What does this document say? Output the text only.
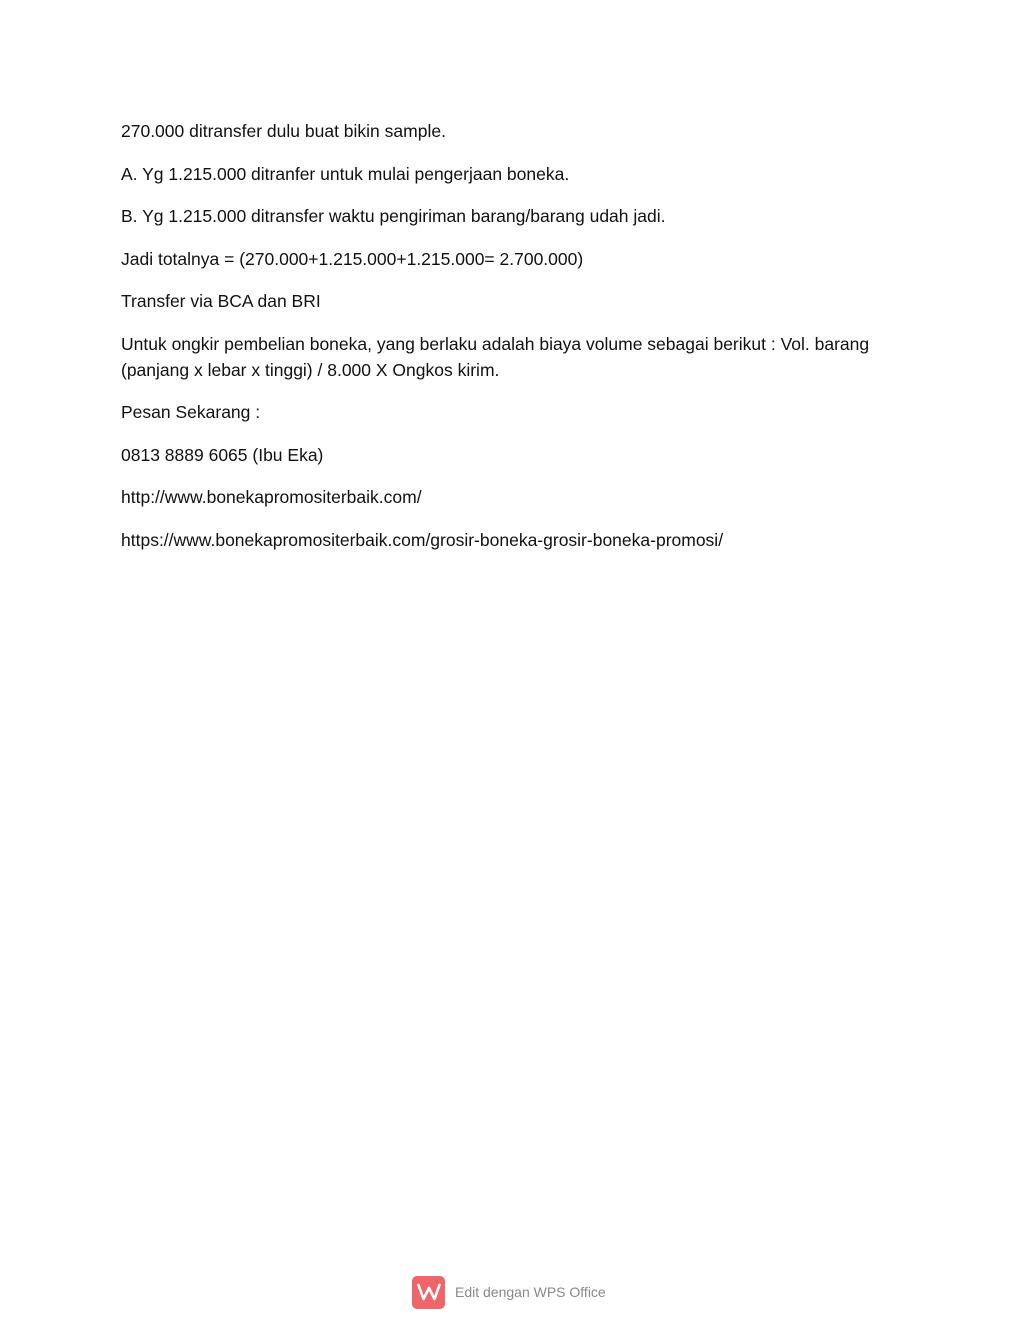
270.000 ditransfer dulu buat bikin sample.

A. Yg 1.215.000 ditranfer untuk mulai pengerjaan boneka.

B. Yg 1.215.000 ditransfer waktu pengiriman barang/barang udah jadi.

Jadi totalnya = (270.000+1.215.000+1.215.000= 2.700.000)

Transfer via BCA dan BRI

Untuk ongkir pembelian boneka, yang berlaku adalah biaya volume sebagai berikut : Vol. barang (panjang x lebar x tinggi) / 8.000 X Ongkos kirim.

Pesan Sekarang :

0813 8889 6065 (Ibu Eka)

http://www.bonekapromositerbaik.com/

https://www.bonekapromositerbaik.com/grosir-boneka-grosir-boneka-promosi/

Edit dengan WPS Office
